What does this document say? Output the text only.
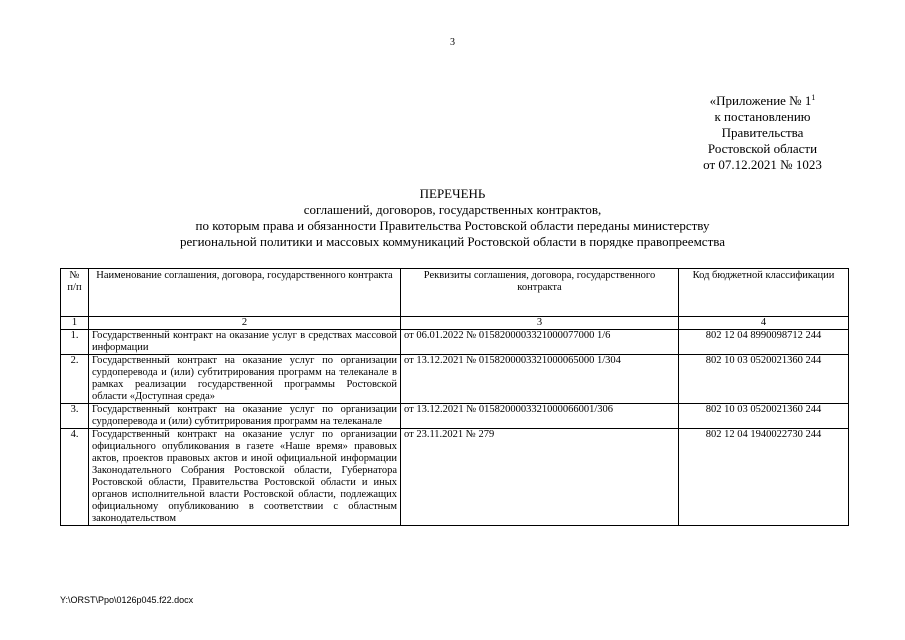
3
«Приложение № $1^1$
к постановлению
Правительства
Ростовской области
от 07.12.2021 № 1023
ПЕРЕЧЕНЬ
соглашений, договоров, государственных контрактов,
по которым права и обязанности Правительства Ростовской области переданы министерству
региональной политики и массовых коммуникаций Ростовской области в порядке правопреемства
№ п/п	Наименование соглашения, договора, государственного контракта	Реквизиты соглашения, договора, государственного контракта	Код бюджетной классификации
1	2	3	4
1.	Государственный контракт на оказание услуг в средствах массовой информации	от 06.01.2022 № 0158200003321000077000 1/6	802 12 04 8990098712 244
2.	Государственный контракт на оказание услуг по организации сурдоперевода и (или) субтитрирования программ на телеканале в рамках реализации государственной программы Ростовской области «Доступная среда»	от 13.12.2021 № 0158200003321000065000 1/304	802 10 03 0520021360 244
3.	Государственный контракт на оказание услуг по организации сурдоперевода и (или) субтитрирования программ на телеканале	от 13.12.2021 № 0158200003321000066001/306	802 10 03 0520021360 244
4.	Государственный контракт на оказание услуг по организации официального опубликования в газете «Наше время» правовых актов, проектов правовых актов и иной официальной информации Законодательного Собрания Ростовской области, Губернатора Ростовской области, Правительства Ростовской области и иных органов исполнительной власти Ростовской области, подлежащих официальному опубликованию в соответствии с областным законодательством	от 23.11.2021 № 279	802 12 04 1940022730 244
Y:\ORST\Ppo\0126p045.f22.docx
